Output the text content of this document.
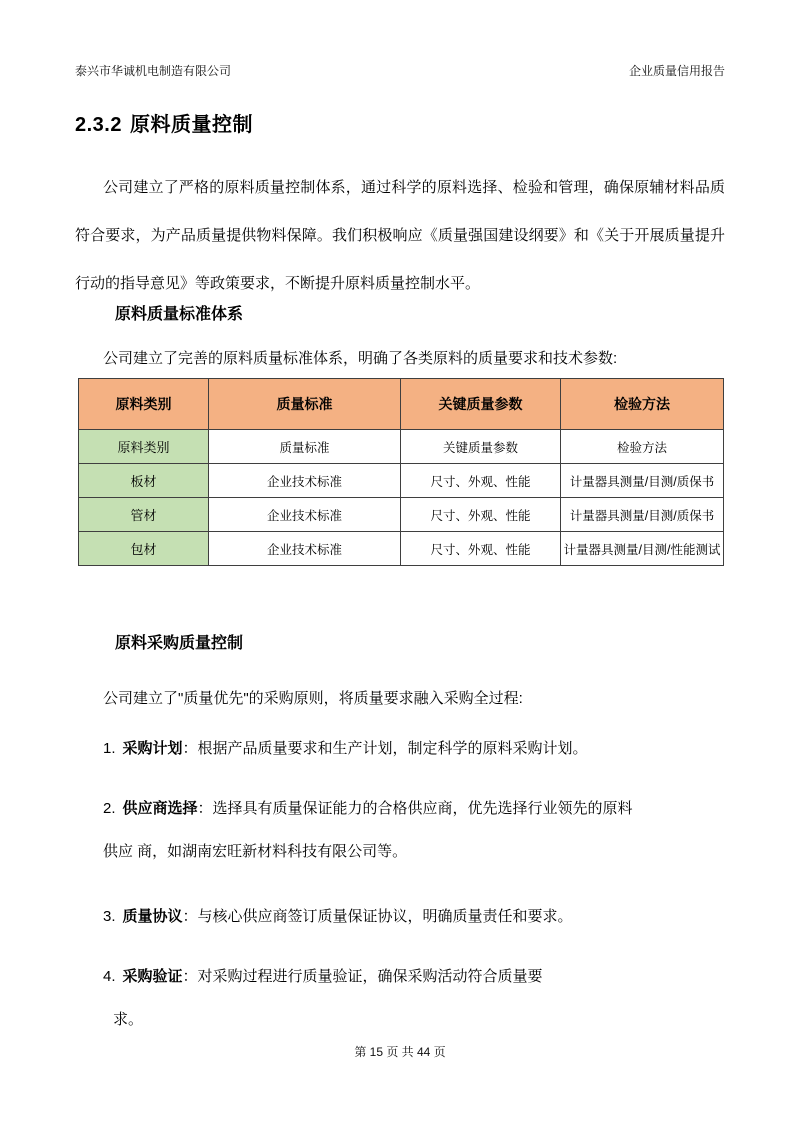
泰兴市华诚机电制造有限公司	企业质量信用报告
2.3.2 原料质量控制
公司建立了严格的原料质量控制体系，通过科学的原料选择、检验和管理，确保原辅材料品质符合要求，为产品质量提供物料保障。我们积极响应《质量强国建设纲要》和《关于开展质量提升行动的指导意见》等政策要求，不断提升原料质量控制水平。
原料质量标准体系
公司建立了完善的原料质量标准体系，明确了各类原料的质量要求和技术参数:
原料类别	质量标准	关键质量参数	检验方法
原料类别	质量标准	关键质量参数	检验方法
板材	企业技术标准	尺寸、外观、性能	计量器具测量/目测/质保书
管材	企业技术标准	尺寸、外观、性能	计量器具测量/目测/质保书
包材	企业技术标准	尺寸、外观、性能	计量器具测量/目测/性能测试
原料采购质量控制
公司建立了"质量优先"的采购原则，将质量要求融入采购全过程:
1. 采购计划：根据产品质量要求和生产计划，制定科学的原料采购计划。
2. 供应商选择：选择具有质量保证能力的合格供应商，优先选择行业领先的原料
供应 商，如湖南宏旺新材料科技有限公司等。
3. 质量协议：与核心供应商签订质量保证协议，明确质量责任和要求。
4. 采购验证：对采购过程进行质量验证，确保采购活动符合质量要
求。
第 15 页 共 44 页
